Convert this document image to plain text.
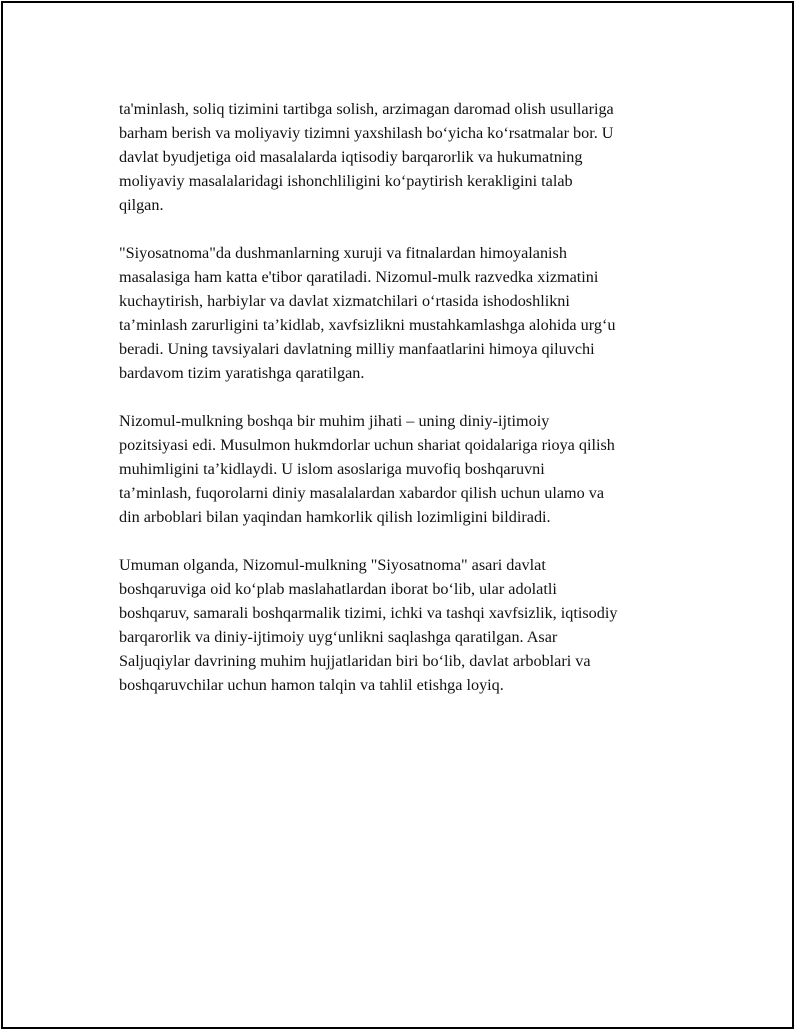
ta'minlash, soliq tizimini tartibga solish, arzimagan daromad olish usullariga
barham berish va moliyaviy tizimni yaxshilash bo‘yicha ko‘rsatmalar bor. U
davlat byudjetiga oid masalalarda iqtisodiy barqarorlik va hukumatning
moliyaviy masalalaridagi ishonchliligini ko‘paytirish kerakligini talab
qilgan.

"Siyosatnoma"da dushmanlarning xuruji va fitnalardan himoyalanish
masalasiga ham katta e'tibor qaratiladi. Nizomul-mulk razvedka xizmatini
kuchaytirish, harbiylar va davlat xizmatchilari o‘rtasida ishodoshlikni
ta’minlash zarurligini ta’kidlab, xavfsizlikni mustahkamlashga alohida urg‘u
beradi. Uning tavsiyalari davlatning milliy manfaatlarini himoya qiluvchi
bardavom tizim yaratishga qaratilgan.

Nizomul-mulkning boshqa bir muhim jihati – uning diniy-ijtimoiy
pozitsiyasi edi. Musulmon hukmdorlar uchun shariat qoidalariga rioya qilish
muhimligini ta’kidlaydi. U islom asoslariga muvofiq boshqaruvni
ta’minlash, fuqorolarni diniy masalalardan xabardor qilish uchun ulamo va
din arboblari bilan yaqindan hamkorlik qilish lozimligini bildiradi.

Umuman olganda, Nizomul-mulkning "Siyosatnoma" asari davlat
boshqaruviga oid ko‘plab maslahatlardan iborat bo‘lib, ular adolatli
boshqaruv, samarali boshqarmalik tizimi, ichki va tashqi xavfsizlik, iqtisodiy
barqarorlik va diniy-ijtimoiy uyg‘unlikni saqlashga qaratilgan. Asar
Saljuqiylar davrining muhim hujjatlaridan biri bo‘lib, davlat arboblari va
boshqaruvchilar uchun hamon talqin va tahlil etishga loyiq.
